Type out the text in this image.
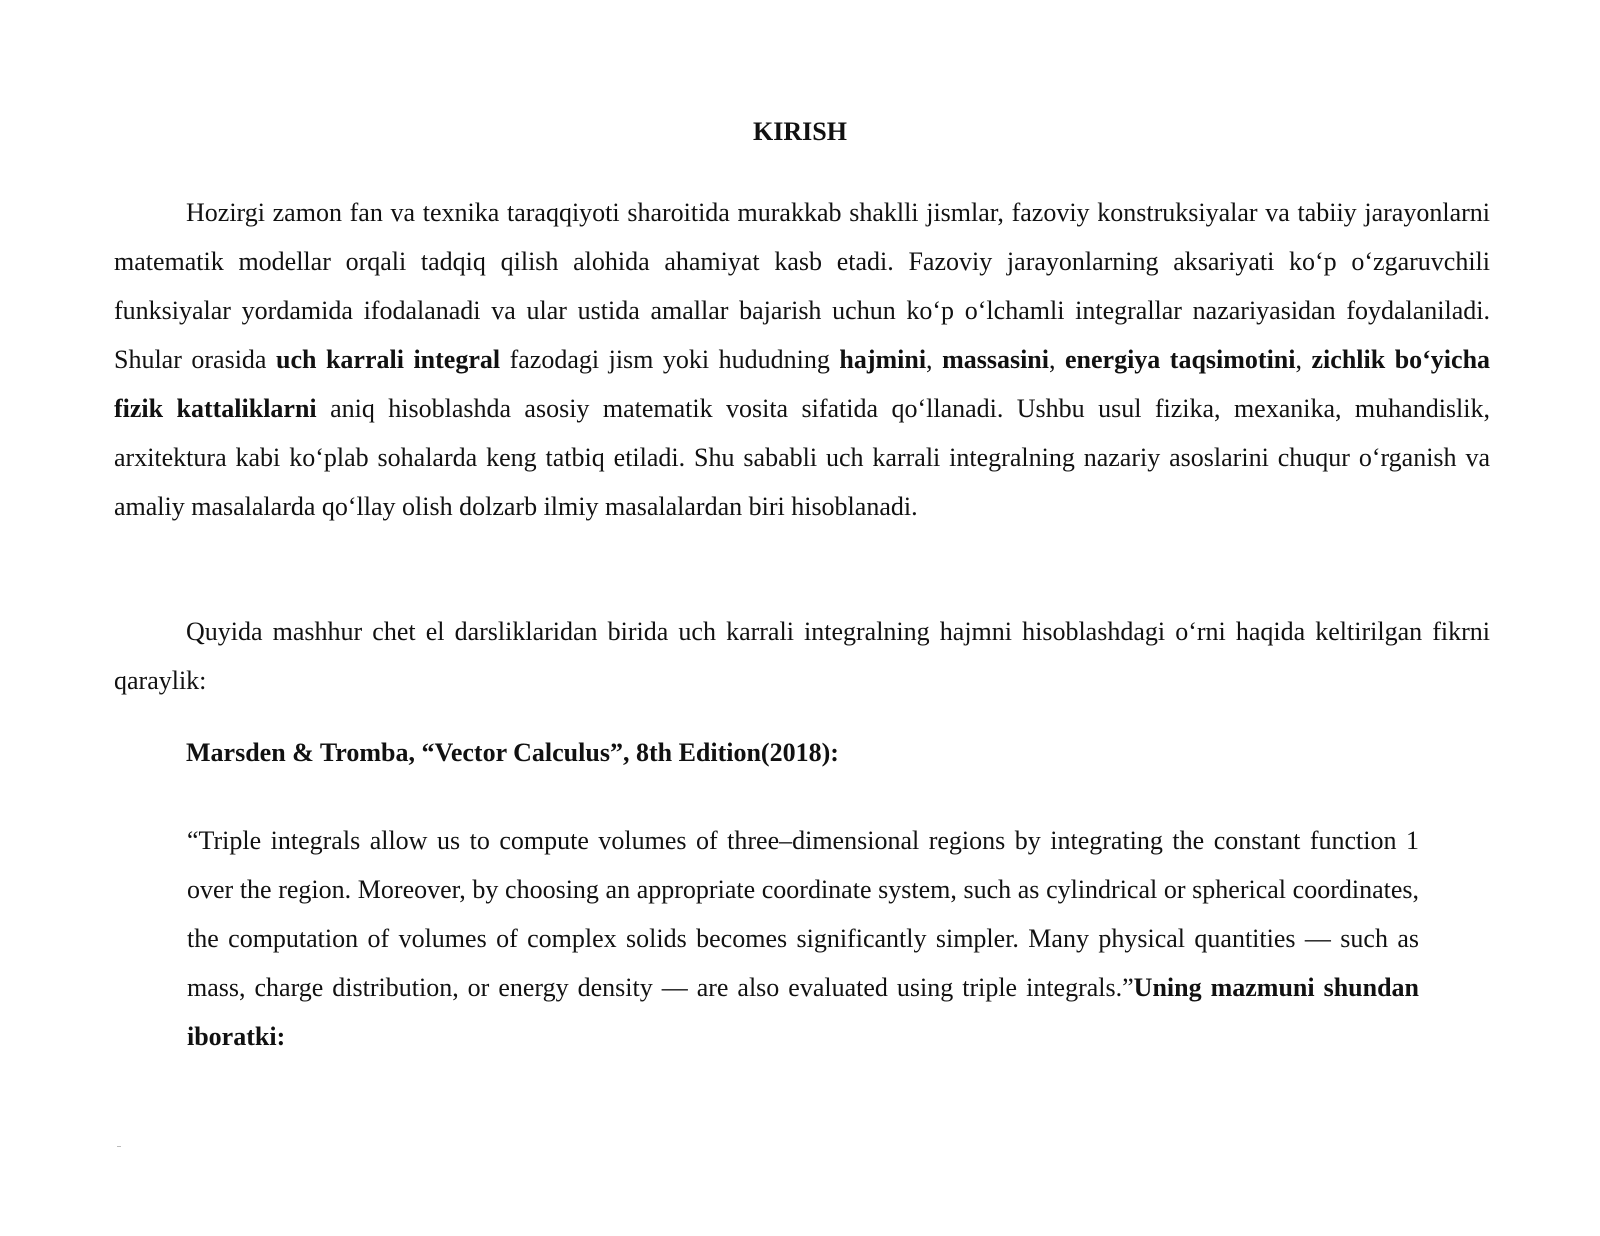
KIRISH

Hozirgi zamon fan va texnika taraqqiyoti sharoitida murakkab shaklli jismlar, fazoviy konstruksiyalar va tabiiy jarayonlarni matematik modellar orqali tadqiq qilish alohida ahamiyat kasb etadi. Fazoviy jarayonlarning aksariyati koʻp oʻzgaruvchili funksiyalar yordamida ifodalanadi va ular ustida amallar bajarish uchun koʻp oʻlchamli integrallar nazariyasidan foydalaniladi. Shular orasida uch karrali integral fazodagi jism yoki hududning hajmini, massasini, energiya taqsimotini, zichlik boʻyicha fizik kattaliklarni aniq hisoblashda asosiy matematik vosita sifatida qoʻllanadi. Ushbu usul fizika, mexanika, muhandislik, arxitektura kabi koʻplab sohalarda keng tatbiq etiladi. Shu sababli uch karrali integralning nazariy asoslarini chuqur oʻrganish va amaliy masalalarda qoʻllay olish dolzarb ilmiy masalalardan biri hisoblanadi.

Quyida mashhur chet el darsliklaridan birida uch karrali integralning hajmni hisoblashdagi oʻrni haqida keltirilgan fikrni qaraylik:

Marsden & Tromba, “Vector Calculus”, 8th Edition(2018):

“Triple integrals allow us to compute volumes of three–dimensional regions by integrating the constant function 1 over the region. Moreover, by choosing an appropriate coordinate system, such as cylindrical or spherical coordinates, the computation of volumes of complex solids becomes significantly simpler. Many physical quantities — such as mass, charge distribution, or energy density — are also evaluated using triple integrals.”Uning mazmuni shundan iboratki:
